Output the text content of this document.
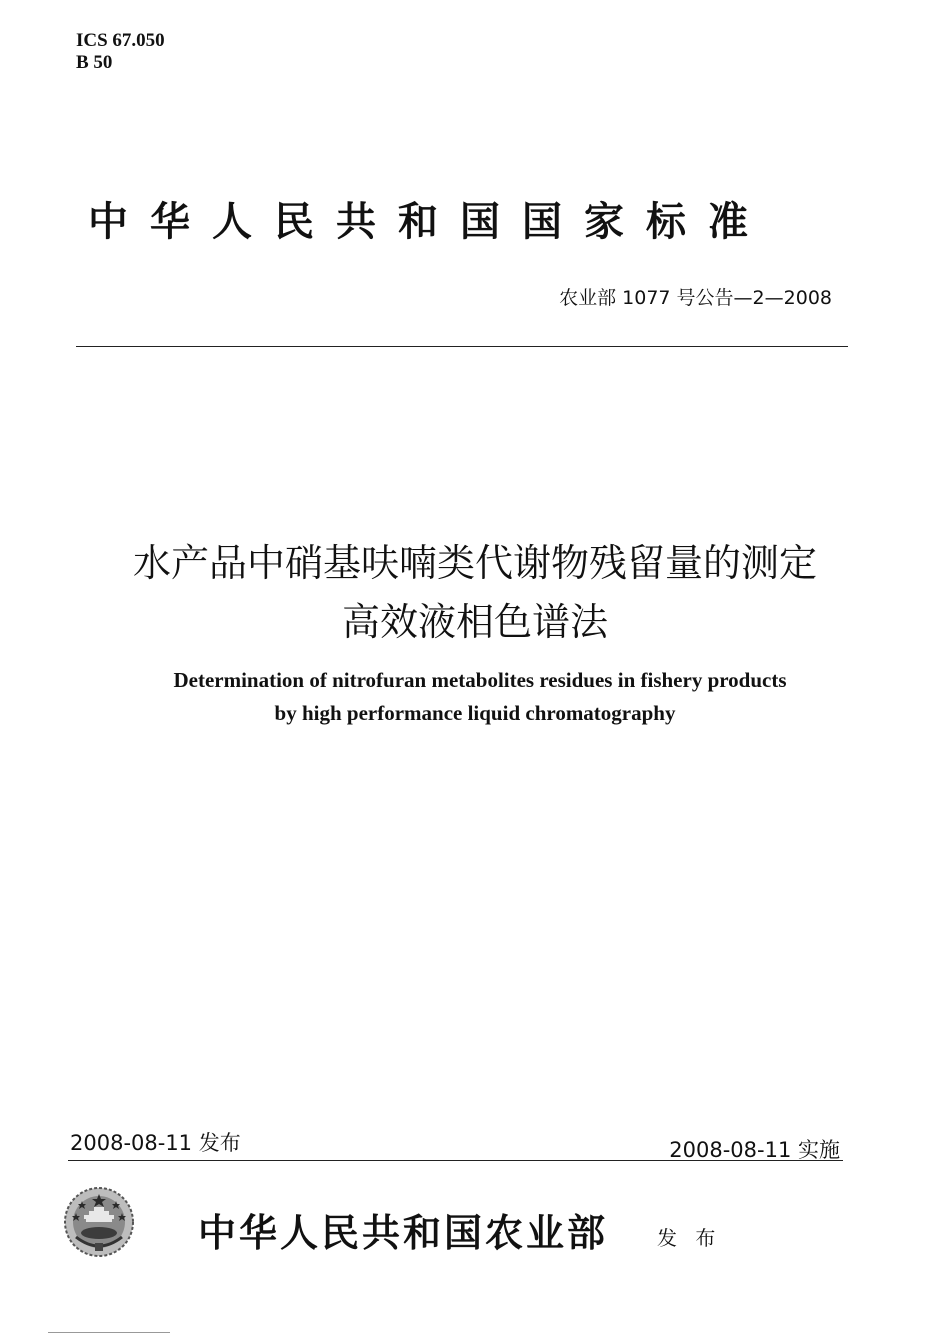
ICS 67.050
B 50
中华人民共和国国家标准
农业部 1077 号公告—2—2008
水产品中硝基呋喃类代谢物残留量的测定
高效液相色谱法
Determination of nitrofuran metabolites residues in fishery products
by high performance liquid chromatography
2008-08-11 发布	2008-08-11 实施
中华人民共和国农业部 发 布
